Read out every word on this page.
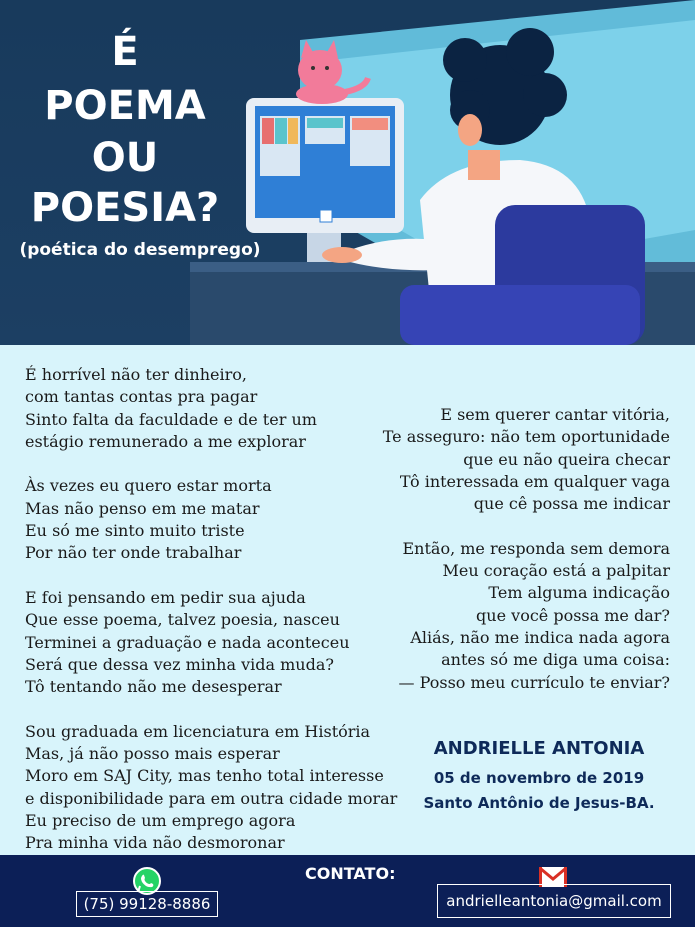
É
POEMA
OU
POESIA?
(poética do desemprego)
É horrível não ter dinheiro,
com tantas contas pra pagar
Sinto falta da faculdade e de ter um
estágio remunerado a me explorar
Às vezes eu quero estar morta
Mas não penso em me matar
Eu só me sinto muito triste
Por não ter onde trabalhar
E foi pensando em pedir sua ajuda
Que esse poema, talvez poesia, nasceu
Terminei a graduação e nada aconteceu
Será que dessa vez minha vida muda?
Tô tentando não me desesperar
Sou graduada em licenciatura em História
Mas, já não posso mais esperar
Moro em SAJ City, mas tenho total interesse
e disponibilidade para em outra cidade morar
Eu preciso de um emprego agora
Pra minha vida não desmoronar
E sem querer cantar vitória,
Te asseguro: não tem oportunidade
que eu não queira checar
Tô interessada em qualquer vaga
que cê possa me indicar
Então, me responda sem demora
Meu coração está a palpitar
Tem alguma indicação
que você possa me dar?
Aliás, não me indica nada agora
antes só me diga uma coisa:
— Posso meu currículo te enviar?
ANDRIELLE ANTONIA
05 de novembro de 2019
Santo Antônio de Jesus-BA.
CONTATO:
(75) 99128-8886	andrielleantonia@gmail.com
